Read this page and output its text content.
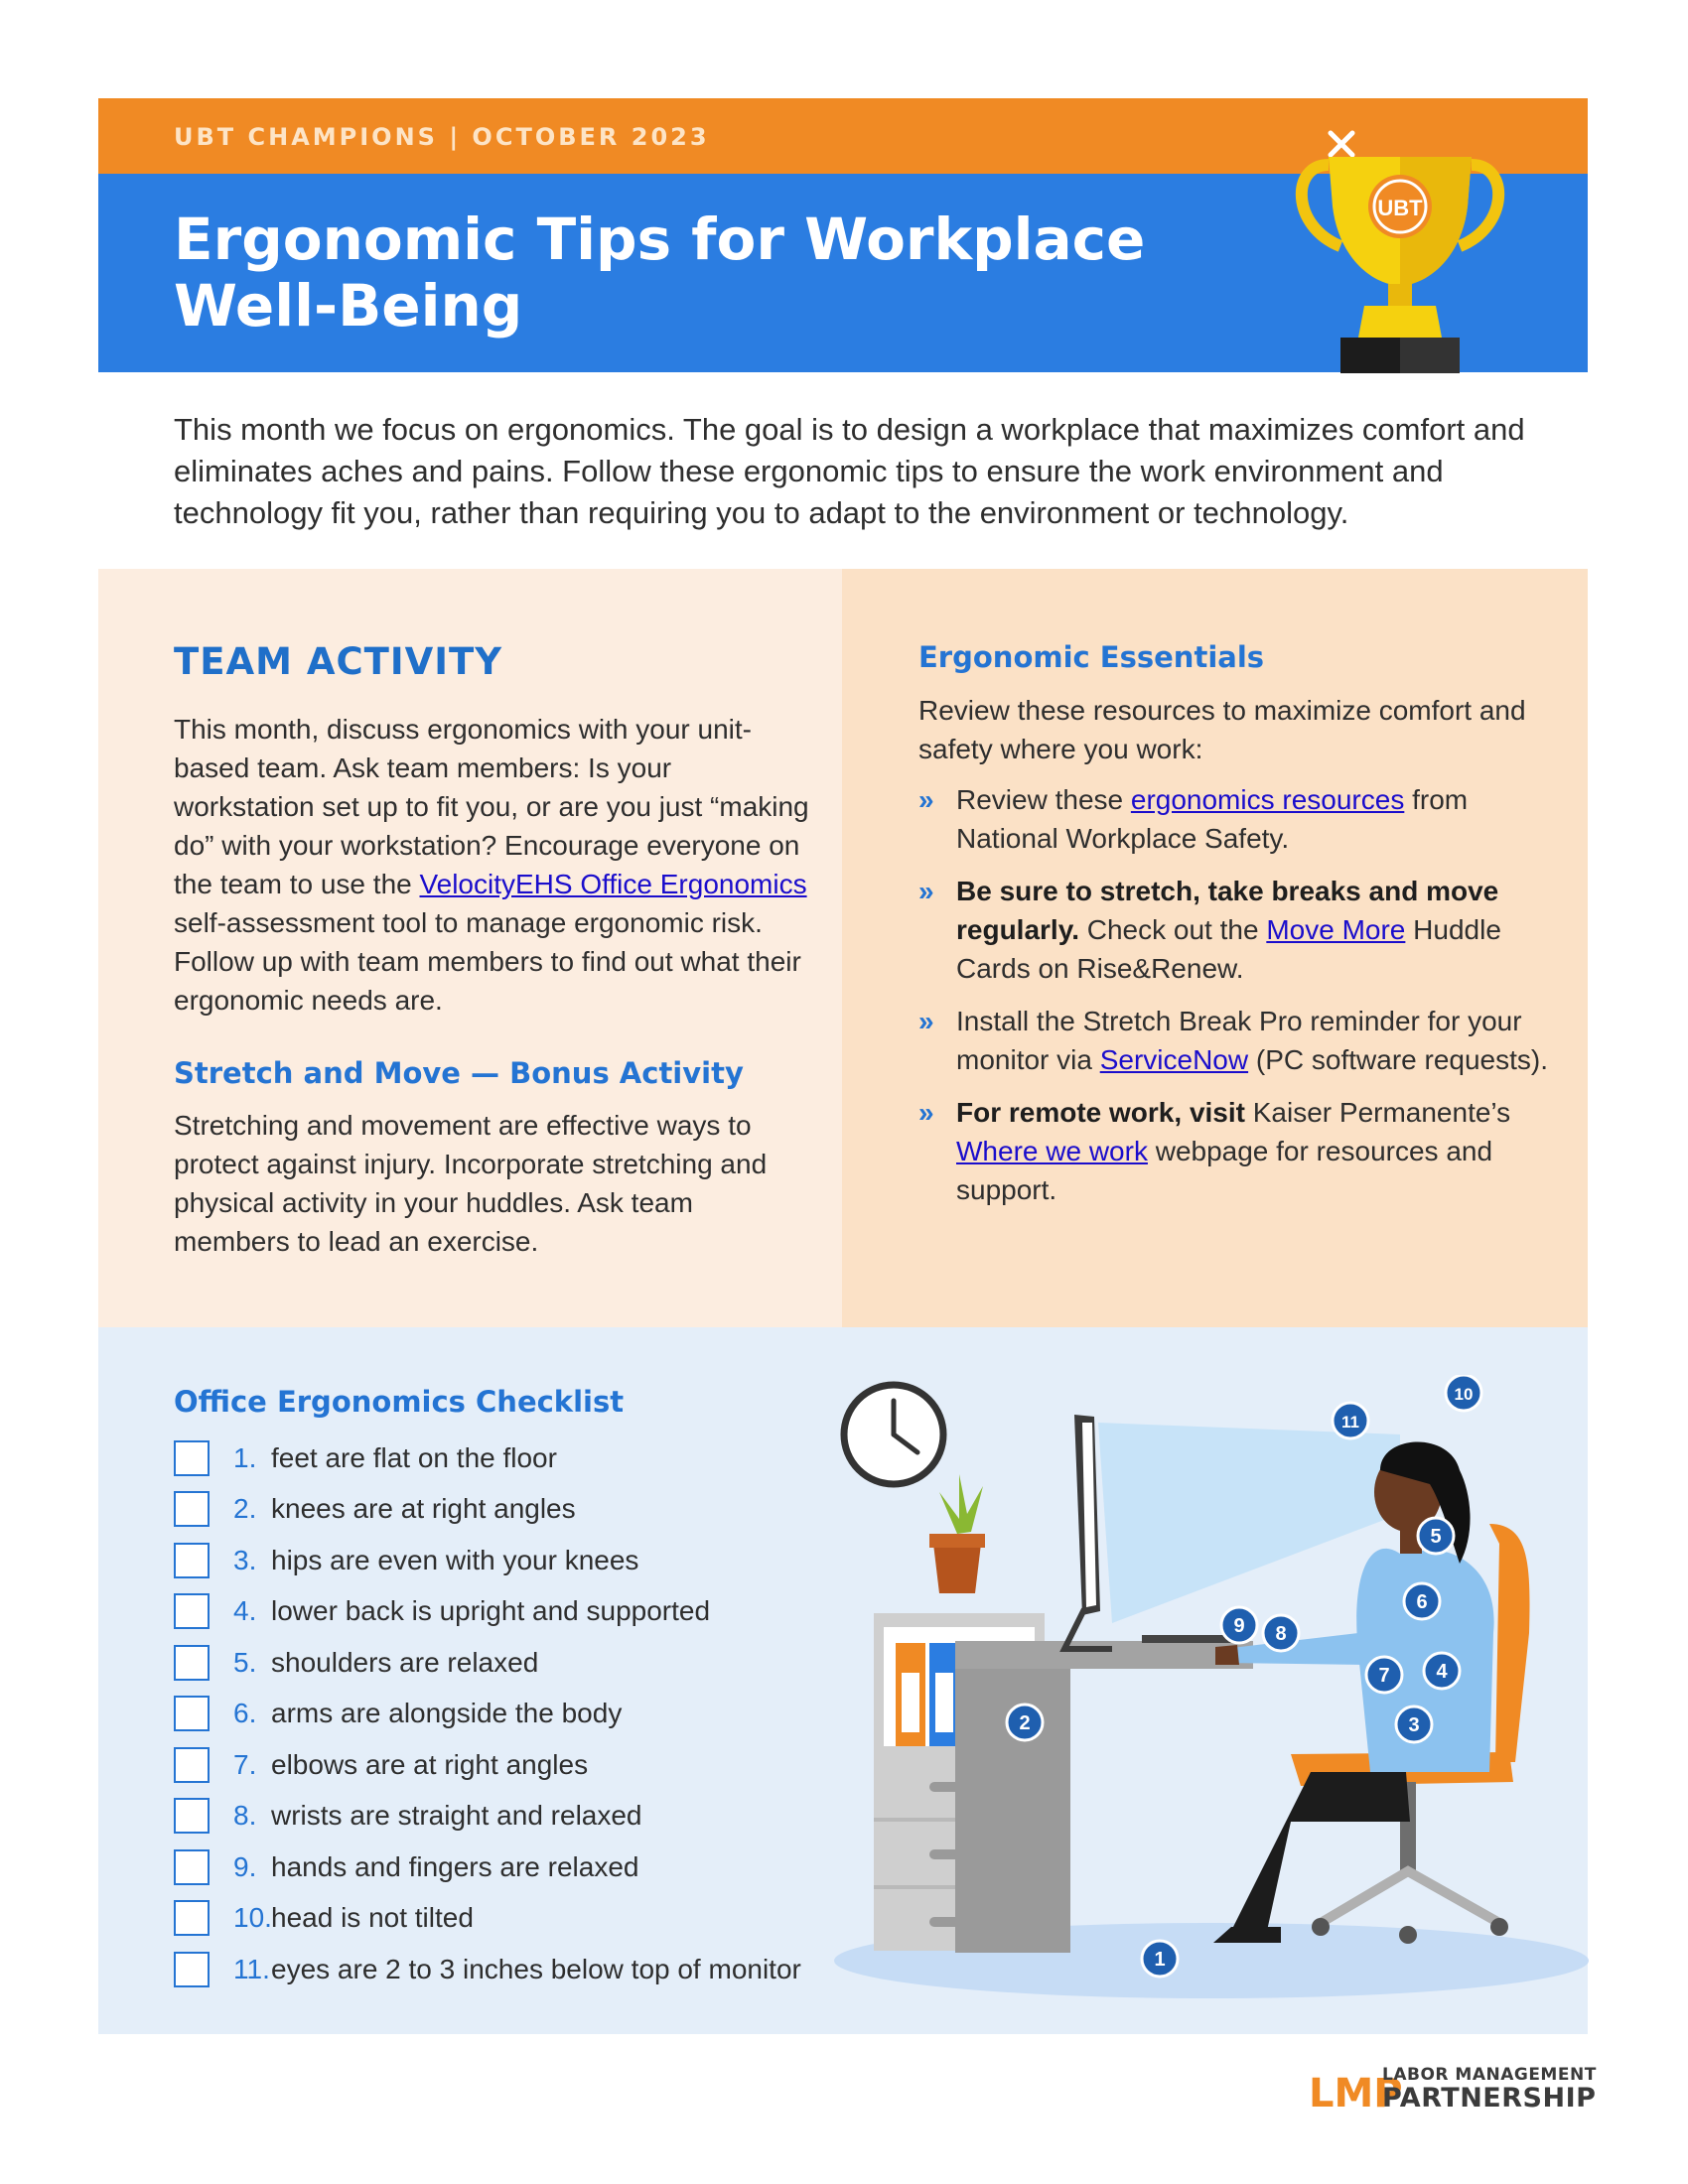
UBT CHAMPIONS | OCTOBER 2023
Ergonomic Tips for Workplace Well-Being
UBT

This month we focus on ergonomics. The goal is to design a workplace that maximizes comfort and eliminates aches and pains. Follow these ergonomic tips to ensure the work environment and technology fit you, rather than requiring you to adapt to the environment or technology.

TEAM ACTIVITY

This month, discuss ergonomics with your unit-based team. Ask team members: Is your workstation set up to fit you, or are you just “making do” with your workstation? Encourage everyone on the team to use the VelocityEHS Office Ergonomics self-assessment tool to manage ergonomic risk. Follow up with team members to find out what their ergonomic needs are.

Stretch and Move — Bonus Activity

Stretching and movement are effective ways to protect against injury. Incorporate stretching and physical activity in your huddles. Ask team members to lead an exercise.

Ergonomic Essentials

Review these resources to maximize comfort and safety where you work:

» Review these ergonomics resources from National Workplace Safety.
» Be sure to stretch, take breaks and move regularly. Check out the Move More Huddle Cards on Rise&Renew.
» Install the Stretch Break Pro reminder for your monitor via ServiceNow (PC software requests).
» For remote work, visit Kaiser Permanente’s Where we work webpage for resources and support.
Office Ergonomics Checklist
1. feet are flat on the floor
2. knees are at right angles
3. hips are even with your knees
4. lower back is upright and supported
5. shoulders are relaxed
6. arms are alongside the body
7. elbows are at right angles
8. wrists are straight and relaxed
9. hands and fingers are relaxed
10. head is not tilted
11. eyes are 2 to 3 inches below top of monitor	1
2	3
4
5
6
7
8
9
10
11
LMP
LABOR MANAGEMENT
PARTNERSHIP
